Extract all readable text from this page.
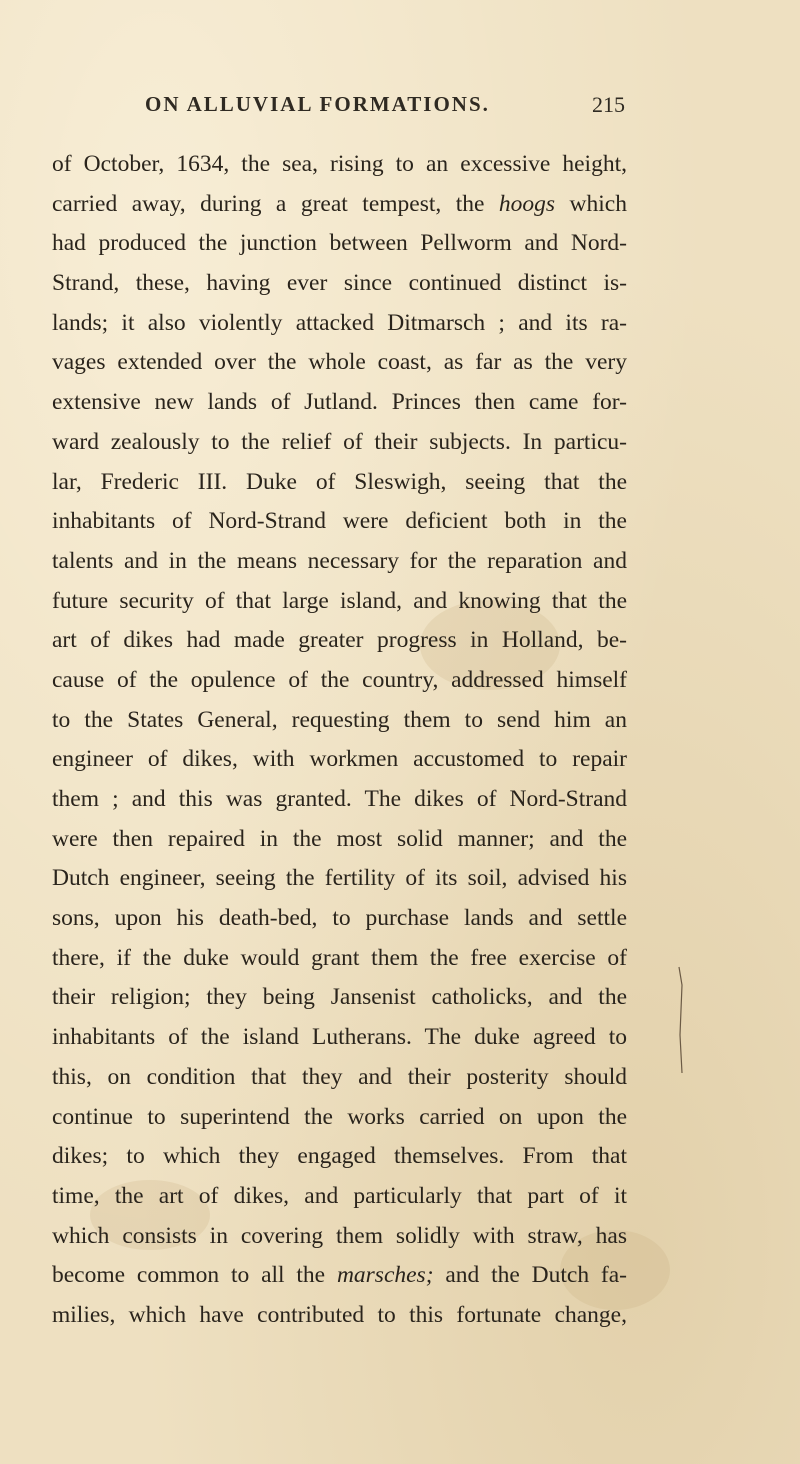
ON ALLUVIAL FORMATIONS.	215
of October, 1634, the sea, rising to an excessive height,
carried away, during a great tempest, the hoogs which
had produced the junction between Pellworm and Nord-
Strand, these, having ever since continued distinct is-
lands; it also violently attacked Ditmarsch ; and its ra-
vages extended over the whole coast, as far as the very
extensive new lands of Jutland. Princes then came for-
ward zealously to the relief of their subjects. In particu-
lar, Frederic III. Duke of Sleswigh, seeing that the
inhabitants of Nord-Strand were deficient both in the
talents and in the means necessary for the reparation and
future security of that large island, and knowing that the
art of dikes had made greater progress in Holland, be-
cause of the opulence of the country, addressed himself
to the States General, requesting them to send him an
engineer of dikes, with workmen accustomed to repair
them ; and this was granted. The dikes of Nord-Strand
were then repaired in the most solid manner; and the
Dutch engineer, seeing the fertility of its soil, advised his
sons, upon his death-bed, to purchase lands and settle
there, if the duke would grant them the free exercise of
their religion; they being Jansenist catholicks, and the
inhabitants of the island Lutherans. The duke agreed to
this, on condition that they and their posterity should
continue to superintend the works carried on upon the
dikes; to which they engaged themselves. From that
time, the art of dikes, and particularly that part of it
which consists in covering them solidly with straw, has
become common to all the marsches; and the Dutch fa-
milies, which have contributed to this fortunate change,
